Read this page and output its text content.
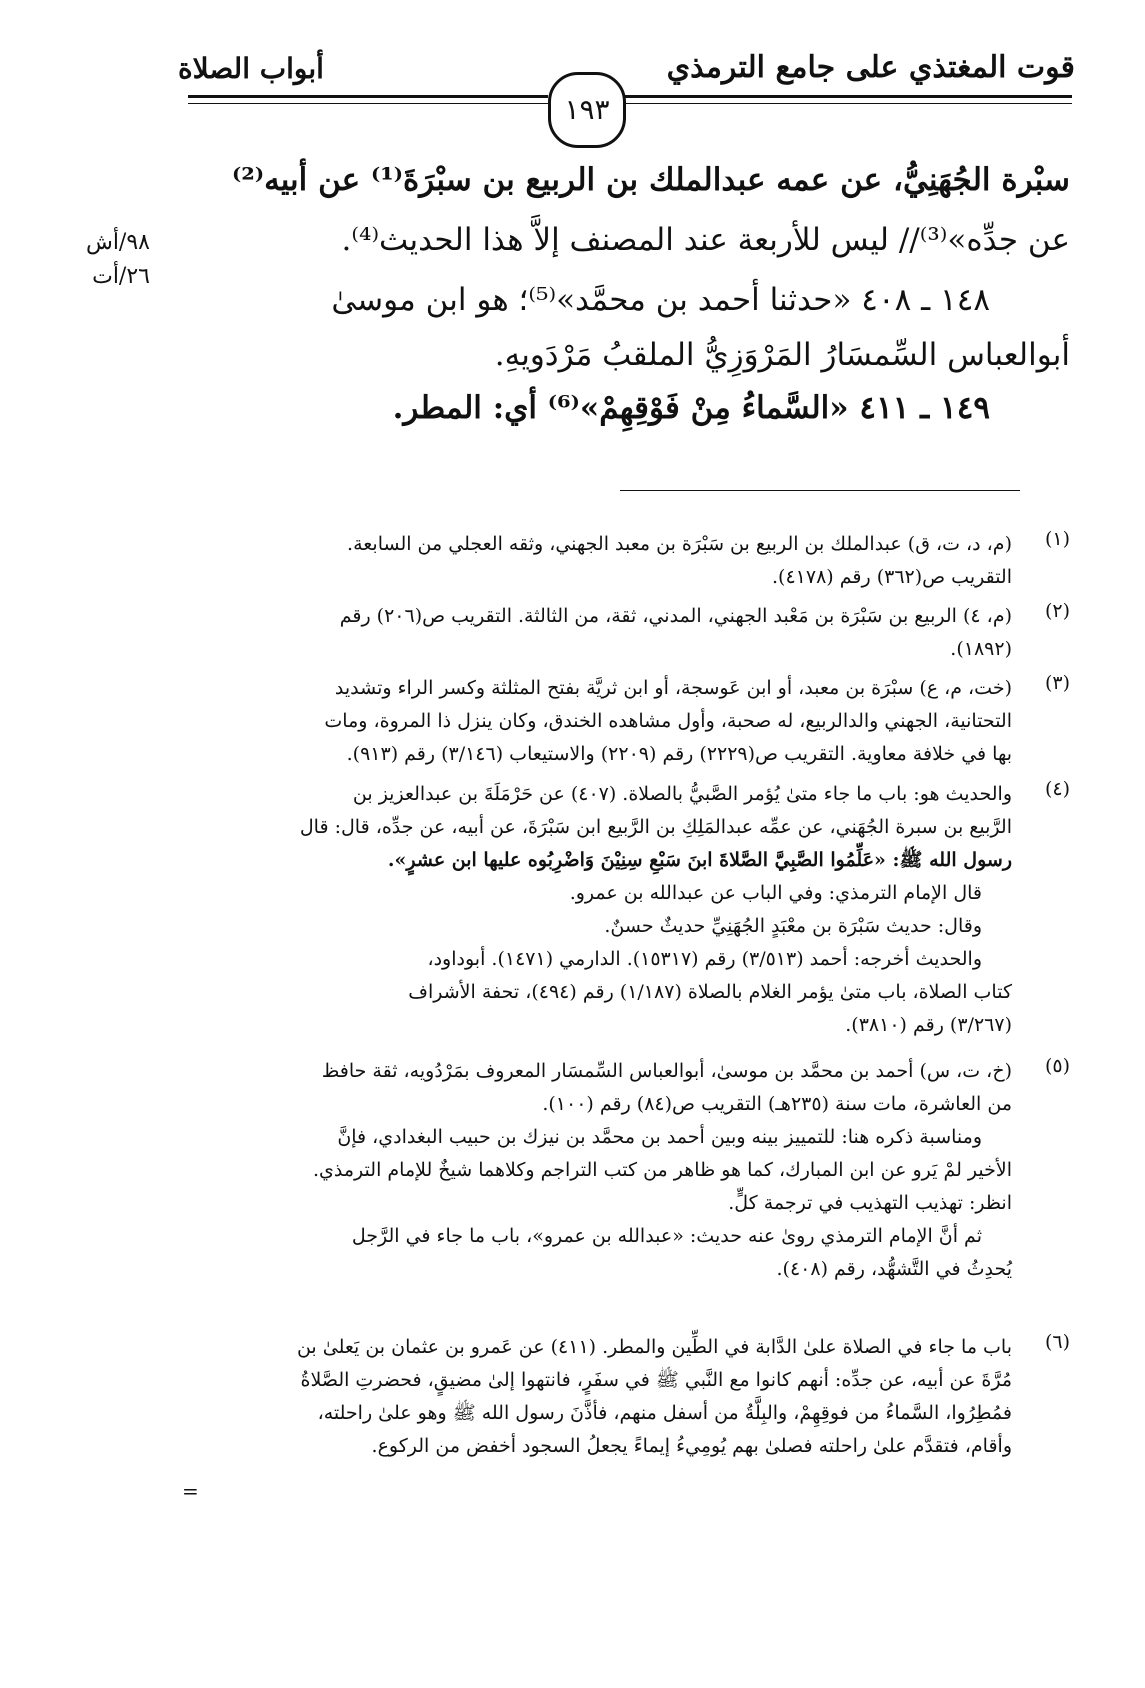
قوت المغتذي على جامع الترمذي
أبواب الصلاة
١٩٣
٩٨/أش
٢٦/أت
سبْرة الجُهَنِيُّ، عن عمه عبدالملك بن الربيع بن سبْرَةَ⁽¹⁾ عن أبيه⁽²⁾
عن جدِّه»⁽³⁾// ليس للأربعة عند المصنف إلاَّ هذا الحديث⁽⁴⁾.
١٤٨ ـ ٤٠٨ «حدثنا أحمد بن محمَّد»⁽⁵⁾؛ هو ابن موسىٰ
أبوالعباس السِّمسَارُ المَرْوَزِيُّ الملقبُ مَرْدَويهِ.
١٤٩ ـ ٤١١ «السَّماءُ مِنْ فَوْقِهِمْ»⁽⁶⁾ أي: المطر.
(١)

(م، د، ت، ق) عبدالملك بن الربيع بن سَبْرَة بن معبد الجهني، وثقه العجلي من السابعة.

التقريب ص(٣٦٢) رقم (٤١٧٨).

(٢)

(م، ٤) الربيع بن سَبْرَة بن مَعْبد الجهني، المدني، ثقة، من الثالثة. التقريب ص(٢٠٦) رقم

(١٨٩٢).

(٣)

(خت، م، ع) سبْرَة بن معبد، أو ابن عَوسجة، أو ابن ثريَّة بفتح المثلثة وكسر الراء وتشديد

التحتانية، الجهني والدالربيع، له صحبة، وأول مشاهده الخندق، وكان ينزل ذا المروة، ومات

بها في خلافة معاوية. التقريب ص(٢٢٢٩) رقم (٢٢٠٩) والاستيعاب (٣/١٤٦) رقم (٩١٣).

(٤)

والحديث هو: باب ما جاء متىٰ يُؤمر الصَّبيُّ بالصلاة. (٤٠٧) عن حَرْمَلَةَ بن عبدالعزيز بن

الرَّبيع بن سبرة الجُهَني، عن عمِّه عبدالمَلِكِ بن الرَّبيع ابن سَبْرَةَ، عن أبيه، عن جدِّه، قال: قال

رسول الله ﷺ: «عَلِّمُوا الصَّبِيَّ الصَّلاةَ ابنَ سَبْعِ سِنِيْنَ وَاضْرِبُوه عليها ابن عشرٍ».

قال الإمام الترمذي: وفي الباب عن عبدالله بن عمرو.

وقال: حديث سَبْرَة بن معْبَدٍ الجُهَنِيِّ حديثٌ حسنٌ.

والحديث أخرجه: أحمد (٣/٥١٣) رقم (١٥٣١٧). الدارمي (١٤٧١). أبوداود،

كتاب الصلاة، باب متىٰ يؤمر الغلام بالصلاة (١/١٨٧) رقم (٤٩٤)، تحفة الأشراف

(٣/٢٦٧) رقم (٣٨١٠).

(٥)

(خ، ت، س) أحمد بن محمَّد بن موسىٰ، أبوالعباس السِّمسَار المعروف بمَرْدُويه، ثقة حافظ

من العاشرة، مات سنة (٢٣٥هـ) التقريب ص(٨٤) رقم (١٠٠).

ومناسبة ذكره هنا: للتمييز بينه وبين أحمد بن محمَّد بن نيزك بن حبيب البغدادي، فإنَّ

الأخير لمْ يَرو عن ابن المبارك، كما هو ظاهر من كتب التراجم وكلاهما شيخٌ للإمام الترمذي.

انظر: تهذيب التهذيب في ترجمة كلٍّ.

ثم أنَّ الإمام الترمذي روىٰ عنه حديث: «عبدالله بن عمرو»، باب ما جاء في الرَّجل

يُحدِثُ في التَّشهُّد، رقم (٤٠٨).

(٦)

باب ما جاء في الصلاة علىٰ الدَّابة في الطِّين والمطر. (٤١١) عن عَمرو بن عثمان بن يَعلىٰ بن

مُرَّةَ عن أبيه، عن جدِّه: أنهم كانوا مع النَّبي ﷺ في سفَرٍ، فانتهوا إلىٰ مضيقٍ، فحضرتِ الصَّلاةُ

فمُطِرُوا، السَّماءُ من فوقِهِمْ، والبِلَّةُ من أسفل منهم، فأذَّنَ رسول الله ﷺ وهو علىٰ راحلته،

وأقام، فتقدَّم علىٰ راحلته فصلىٰ بهم يُومِيءُ إيماءً يجعلُ السجود أخفض من الركوع.

=
